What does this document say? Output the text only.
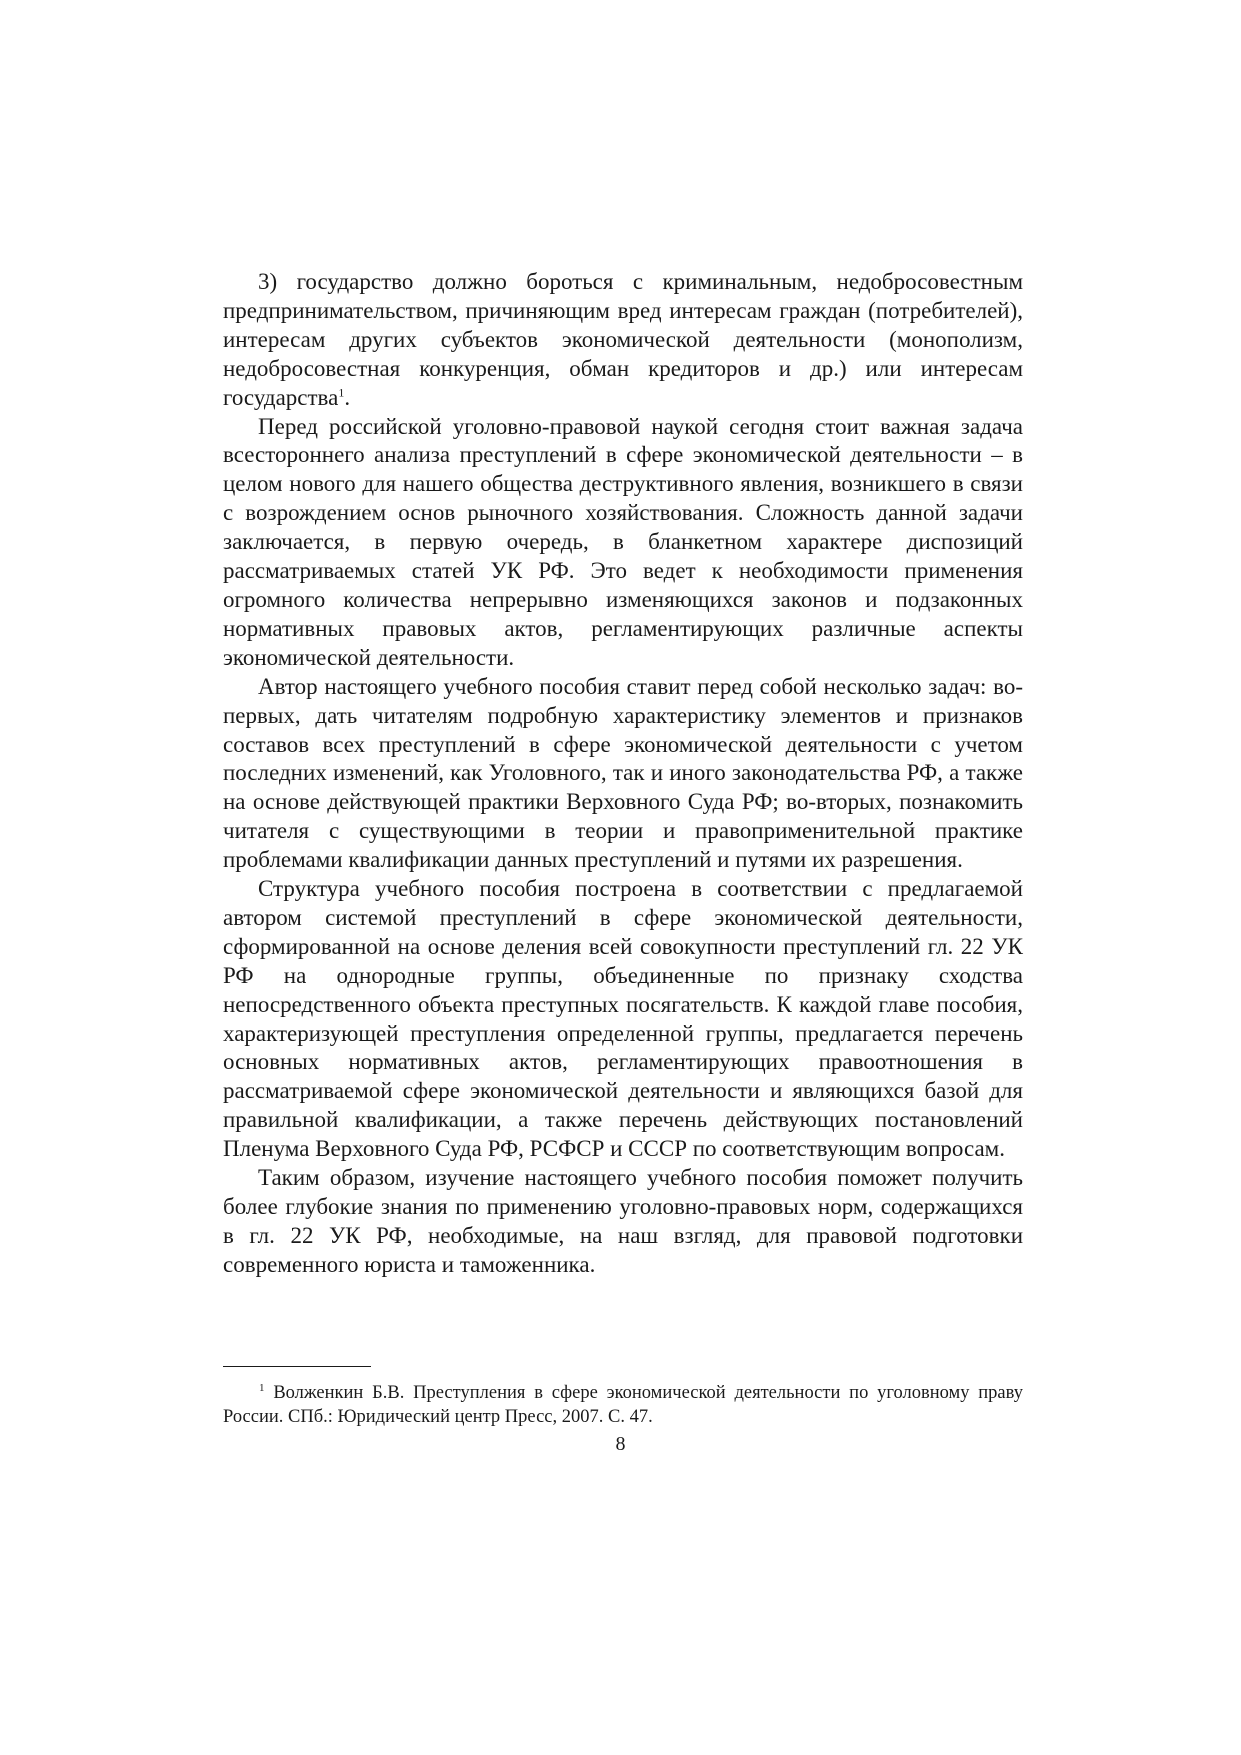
3) государство должно бороться с криминальным, недобросовестным предпринимательством, причиняющим вред интересам граждан (потребителей), интересам других субъектов экономической деятельности (монополизм, недобросовестная конкуренция, обман кредиторов и др.) или интересам государства$^1$.

Перед российской уголовно-правовой наукой сегодня стоит важная задача всестороннего анализа преступлений в сфере экономической деятельности – в целом нового для нашего общества деструктивного явления, возникшего в связи с возрождением основ рыночного хозяйствования. Сложность данной задачи заключается, в первую очередь, в бланкетном характере диспозиций рассматриваемых статей УК РФ. Это ведет к необходимости применения огромного количества непрерывно изменяющихся законов и подзаконных нормативных правовых актов, регламентирующих различные аспекты экономической деятельности.

Автор настоящего учебного пособия ставит перед собой несколько задач: во-первых, дать читателям подробную характеристику элементов и признаков составов всех преступлений в сфере экономической деятельности с учетом последних изменений, как Уголовного, так и иного законодательства РФ, а также на основе действующей практики Верховного Суда РФ; во-вторых, познакомить читателя с существующими в теории и правоприменительной практике проблемами квалификации данных преступлений и путями их разрешения.

Структура учебного пособия построена в соответствии с предлагаемой автором системой преступлений в сфере экономической деятельности, сформированной на основе деления всей совокупности преступлений гл. 22 УК РФ на однородные группы, объединенные по признаку сходства непосредственного объекта преступных посягательств. К каждой главе пособия, характеризующей преступления определенной группы, предлагается перечень основных нормативных актов, регламентирующих правоотношения в рассматриваемой сфере экономической деятельности и являющихся базой для правильной квалификации, а также перечень действующих постановлений Пленума Верховного Суда РФ, РСФСР и СССР по соответствующим вопросам.

Таким образом, изучение настоящего учебного пособия поможет получить более глубокие знания по применению уголовно-правовых норм, содержащихся в гл. 22 УК РФ, необходимые, на наш взгляд, для правовой подготовки современного юриста и таможенника.

$^1$ Волженкин Б.В. Преступления в сфере экономической деятельности по уголовному праву России. СПб.: Юридический центр Пресс, 2007. С. 47.

8
